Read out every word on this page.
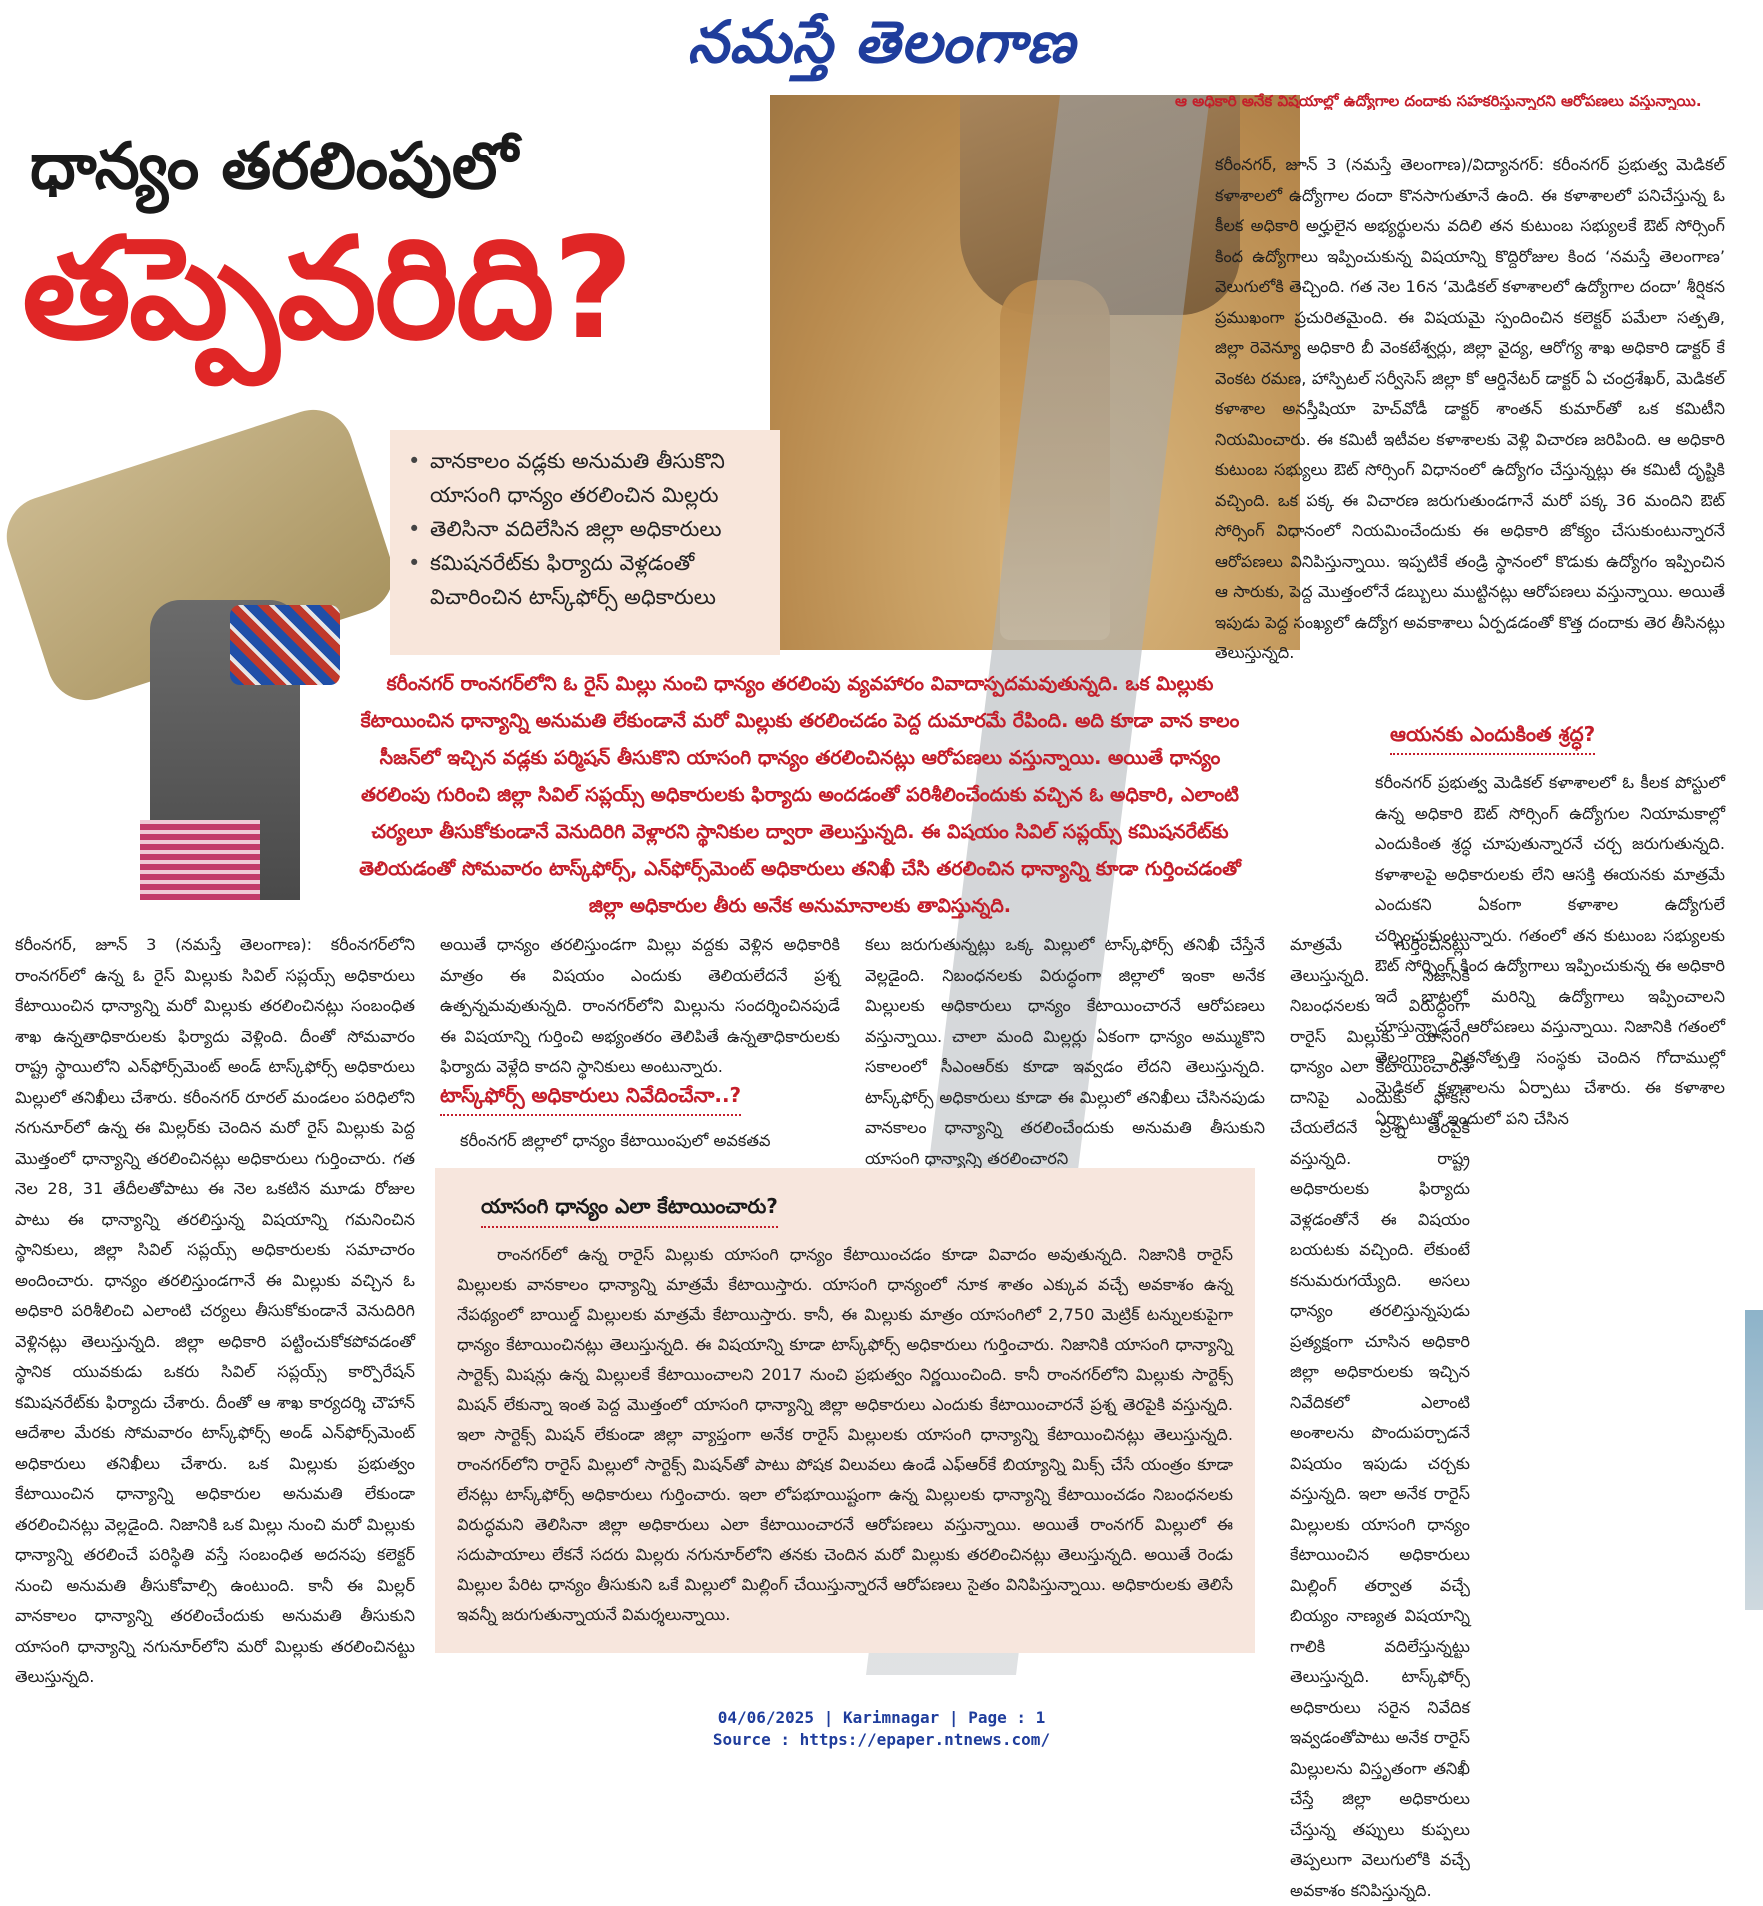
నమస్తే తెలంగాణ
ధాన్యం తరలింపులో
తప్పెవరిది?
• వానకాలం వడ్లకు అనుమతి తీసుకొని యాసంగి ధాన్యం తరలించిన మిల్లరు
• తెలిసినా వదిలేసిన జిల్లా అధికారులు
• కమిషనరేట్‌కు ఫిర్యాదు వెళ్లడంతో విచారించిన టాస్క్‌ఫోర్స్ అధికారులు
కరీంనగర్ రాంనగర్‌లోని ఓ రైస్ మిల్లు నుంచి ధాన్యం తరలింపు వ్యవహారం వివాదాస్పదమవుతున్నది. ఒక మిల్లుకు కేటాయించిన ధాన్యాన్ని అనుమతి లేకుండానే మరో మిల్లుకు తరలించడం పెద్ద దుమారమే రేపింది. అది కూడా వాన కాలం సీజన్‌లో ఇచ్చిన వడ్లకు పర్మిషన్ తీసుకొని యాసంగి ధాన్యం తరలించినట్లు ఆరోపణలు వస్తున్నాయి. అయితే ధాన్యం తరలింపు గురించి జిల్లా సివిల్ సప్లయ్స్ అధికారులకు ఫిర్యాదు అందడంతో పరిశీలించేందుకు వచ్చిన ఓ అధికారి, ఎలాంటి చర్యలూ తీసుకోకుండానే వెనుదిరిగి వెళ్లారని స్థానికుల ద్వారా తెలుస్తున్నది. ఈ విషయం సివిల్ సప్లయ్స్ కమిషనరేట్‌కు తెలియడంతో సోమవారం టాస్క్‌ఫోర్స్, ఎన్‌ఫోర్స్‌మెంట్ అధికారులు తనిఖీ చేసి తరలించిన ధాన్యాన్ని కూడా గుర్తించడంతో జిల్లా అధికారుల తీరు అనేక అనుమానాలకు తావిస్తున్నది.
ఆ అధికారి అనేక విషయాల్లో ఉద్యోగాల దందాకు సహకరిస్తున్నారని ఆరోపణలు వస్తున్నాయి.
కరీంనగర్, జూన్ 3 (నమస్తే తెలంగాణ)/విద్యానగర్: కరీంనగర్ ప్రభుత్వ మెడికల్ కళాశాలలో ఉద్యోగాల దందా కొనసాగుతూనే ఉంది. ఈ కళాశాలలో పనిచేస్తున్న ఓ కీలక అధికారి అర్హులైన అభ్యర్థులను వదిలి తన కుటుంబ సభ్యులకే ఔట్ సోర్సింగ్ కింద ఉద్యోగాలు ఇప్పించుకున్న విషయాన్ని కొద్దిరోజుల కింద ‘నమస్తే తెలంగాణ’ వెలుగులోకి తెచ్చింది. గత నెల 16న ‘మెడికల్ కళాశాలలో ఉద్యోగాల దందా’ శీర్షికన ప్రముఖంగా ప్రచురితమైంది. ఈ విషయమై స్పందించిన కలెక్టర్ పమేలా సత్పతి, జిల్లా రెవెన్యూ అధికారి బీ వెంకటేశ్వర్లు, జిల్లా వైద్య, ఆరోగ్య శాఖ అధికారి డాక్టర్ కే వెంకట రమణ, హాస్పిటల్ సర్వీసెస్ జిల్లా కో ఆర్డినేటర్ డాక్టర్ ఏ చంద్రశేఖర్, మెడికల్ కళాశాల అనస్తీషియా హెచ్‌వోడీ డాక్టర్ శాంతన్ కుమార్‌తో ఒక కమిటీని నియమించారు. ఈ కమిటీ ఇటీవల కళాశాలకు వెళ్లి విచారణ జరిపింది. ఆ అధికారి కుటుంబ సభ్యులు ఔట్ సోర్సింగ్ విధానంలో ఉద్యోగం చేస్తున్నట్లు ఈ కమిటీ దృష్టికి వచ్చింది. ఒక పక్క ఈ విచారణ జరుగుతుండగానే మరో పక్క 36 మందిని ఔట్ సోర్సింగ్ విధానంలో నియమించేందుకు ఈ అధికారి జోక్యం చేసుకుంటున్నారనే ఆరోపణలు వినిపిస్తున్నాయి. ఇప్పటికే తండ్రి స్థానంలో కొడుకు ఉద్యోగం ఇప్పించిన ఆ సారుకు, పెద్ద మొత్తంలోనే డబ్బులు ముట్టినట్లు ఆరోపణలు వస్తున్నాయి. అయితే ఇపుడు పెద్ద సంఖ్యలో ఉద్యోగ అవకాశాలు ఏర్పడడంతో కొత్త దందాకు తెర తీసినట్లు తెలుస్తున్నది.
ఆయనకు ఎందుకింత శ్రద్ధ?
కరీంనగర్ ప్రభుత్వ మెడికల్ కళాశాలలో ఓ కీలక పోస్టులో ఉన్న అధికారి ఔట్ సోర్సింగ్ ఉద్యోగుల నియామకాల్లో ఎందుకింత శ్రద్ధ చూపుతున్నారనే చర్చ జరుగుతున్నది. కళాశాలపై అధికారులకు లేని ఆసక్తి ఈయనకు మాత్రమే ఎందుకని ఏకంగా కళాశాల ఉద్యోగులే చర్చించుకుంటున్నారు. గతంలో తన కుటుంబ సభ్యులకు ఔట్ సోర్సింగ్ కింద ఉద్యోగాలు ఇప్పించుకున్న ఈ అధికారి ఇదే బాటలో మరిన్ని ఉద్యోగాలు ఇప్పించాలని చూస్తున్నాడనే ఆరోపణలు వస్తున్నాయి. నిజానికి గతంలో తెలంగాణ విత్తనోత్పత్తి సంస్థకు చెందిన గోదాముల్లో మెడికల్ కళాశాలను ఏర్పాటు చేశారు. ఈ కళాశాల ఏర్పాటుతో ఇందులో పని చేసిన
కరీంనగర్, జూన్ 3 (నమస్తే తెలంగాణ): కరీంనగర్‌లోని రాంనగర్‌లో ఉన్న ఓ రైస్ మిల్లుకు సివిల్ సప్లయ్స్ అధికారులు కేటాయించిన ధాన్యాన్ని మరో మిల్లుకు తరలించినట్లు సంబంధిత శాఖ ఉన్నతాధికారులకు ఫిర్యాదు వెళ్లింది. దీంతో సోమవారం రాష్ట్ర స్థాయిలోని ఎన్‌ఫోర్స్‌మెంట్ అండ్ టాస్క్‌ఫోర్స్ అధికారులు మిల్లులో తనిఖీలు చేశారు. కరీంనగర్ రూరల్ మండలం పరిధిలోని నగునూర్‌లో ఉన్న ఈ మిల్లర్‌కు చెందిన మరో రైస్ మిల్లుకు పెద్ద మొత్తంలో ధాన్యాన్ని తరలించినట్లు అధికారులు గుర్తించారు. గత నెల 28, 31 తేదీలతోపాటు ఈ నెల ఒకటిన మూడు రోజుల పాటు ఈ ధాన్యాన్ని తరలిస్తున్న విషయాన్ని గమనించిన స్థానికులు, జిల్లా సివిల్ సప్లయ్స్ అధికారులకు సమాచారం అందించారు. ధాన్యం తరలిస్తుండగానే ఈ మిల్లుకు వచ్చిన ఓ అధికారి పరిశీలించి ఎలాంటి చర్యలు తీసుకోకుండానే వెనుదిరిగి వెళ్లినట్లు తెలుస్తున్నది. జిల్లా అధికారి పట్టించుకోకపోవడంతో స్థానిక యువకుడు ఒకరు సివిల్ సప్లయ్స్ కార్పొరేషన్ కమిషనరేట్‌కు ఫిర్యాదు చేశారు. దీంతో ఆ శాఖ కార్యదర్శి చౌహాన్ ఆదేశాల మేరకు సోమవారం టాస్క్‌ఫోర్స్ అండ్ ఎన్‌ఫోర్స్‌మెంట్ అధికారులు తనిఖీలు చేశారు. ఒక మిల్లుకు ప్రభుత్వం కేటాయించిన ధాన్యాన్ని అధికారుల అనుమతి లేకుండా తరలించినట్లు వెల్లడైంది. నిజానికి ఒక మిల్లు నుంచి మరో మిల్లుకు ధాన్యాన్ని తరలించే పరిస్థితి వస్తే సంబంధిత అదనపు కలెక్టర్ నుంచి అనుమతి తీసుకోవాల్సి ఉంటుంది. కానీ ఈ మిల్లర్ వానకాలం ధాన్యాన్ని తరలించేందుకు అనుమతి తీసుకుని యాసంగి ధాన్యాన్ని నగునూర్‌లోని మరో మిల్లుకు తరలించినట్టు తెలుస్తున్నది.
అయితే ధాన్యం తరలిస్తుండగా మిల్లు వద్దకు వెళ్లిన అధికారికి మాత్రం ఈ విషయం ఎందుకు తెలియలేదనే ప్రశ్న ఉత్పన్నమవుతున్నది. రాంనగర్‌లోని మిల్లును సందర్శించినపుడే ఈ విషయాన్ని గుర్తించి అభ్యంతరం తెలిపితే ఉన్నతాధికారులకు ఫిర్యాదు వెళ్లేది కాదని స్థానికులు అంటున్నారు.
టాస్క్‌ఫోర్స్ అధికారులు నివేదించేనా..?
కరీంనగర్ జిల్లాలో ధాన్యం కేటాయింపులో అవకతవ
కలు జరుగుతున్నట్లు ఒక్క మిల్లులో టాస్క్‌ఫోర్స్ తనిఖీ చేస్తేనే వెల్లడైంది. నిబంధనలకు విరుద్ధంగా జిల్లాలో ఇంకా అనేక మిల్లులకు అధికారులు ధాన్యం కేటాయించారనే ఆరోపణలు వస్తున్నాయి. చాలా మంది మిల్లర్లు ఏకంగా ధాన్యం అమ్ముకొని సకాలంలో సీఎంఆర్‌కు కూడా ఇవ్వడం లేదని తెలుస్తున్నది. టాస్క్‌ఫోర్స్ అధికారులు కూడా ఈ మిల్లులో తనిఖీలు చేసినపుడు వానకాలం ధాన్యాన్ని తరలించేందుకు అనుమతి తీసుకుని యాసంగి ధాన్యాన్ని తరలించారని
మాత్రమే గుర్తించినట్లు తెలుస్తున్నది. నిజానికి నిబంధనలకు విరుద్ధంగా రారైస్ మిల్లుకు యాసంగి ధాన్యం ఎలా కేటాయించారనే దానిపై ఎందుకు ఫోకస్ చేయలేదనే ప్రశ్న తెరపైకి వస్తున్నది. రాష్ట్ర అధికారులకు ఫిర్యాదు వెళ్లడంతోనే ఈ విషయం బయటకు వచ్చింది. లేకుంటే కనుమరుగయ్యేది. అసలు ధాన్యం తరలిస్తున్నపుడు ప్రత్యక్షంగా చూసిన అధికారి జిల్లా అధికారులకు ఇచ్చిన నివేదికలో ఎలాంటి అంశాలను పొందుపర్చాడనే విషయం ఇపుడు చర్చకు వస్తున్నది. ఇలా అనేక రారైస్ మిల్లులకు యాసంగి ధాన్యం కేటాయించిన అధికారులు మిల్లింగ్ తర్వాత వచ్చే బియ్యం నాణ్యత విషయాన్ని గాలికి వదిలేస్తున్నట్టు తెలుస్తున్నది. టాస్క్‌ఫోర్స్ అధికారులు సరైన నివేదిక ఇవ్వడంతోపాటు అనేక రారైస్ మిల్లులను విస్తృతంగా తనిఖీ చేస్తే జిల్లా అధికారులు చేస్తున్న తప్పులు కుప్పలు తెప్పలుగా వెలుగులోకి వచ్చే అవకాశం కనిపిస్తున్నది.
యాసంగి ధాన్యం ఎలా కేటాయించారు?
రాంనగర్‌లో ఉన్న రారైస్ మిల్లుకు యాసంగి ధాన్యం కేటాయించడం కూడా వివాదం అవుతున్నది. నిజానికి రారైస్ మిల్లులకు వానకాలం ధాన్యాన్ని మాత్రమే కేటాయిస్తారు. యాసంగి ధాన్యంలో నూక శాతం ఎక్కువ వచ్చే అవకాశం ఉన్న నేపథ్యంలో బాయిల్డ్ మిల్లులకు మాత్రమే కేటాయిస్తారు. కానీ, ఈ మిల్లుకు మాత్రం యాసంగిలో 2,750 మెట్రిక్ టన్నులకుపైగా ధాన్యం కేటాయించినట్లు తెలుస్తున్నది. ఈ విషయాన్ని కూడా టాస్క్‌ఫోర్స్ అధికారులు గుర్తించారు. నిజానికి యాసంగి ధాన్యాన్ని సార్టెక్స్ మిషన్లు ఉన్న మిల్లులకే కేటాయించాలని 2017 నుంచి ప్రభుత్వం నిర్ణయించింది. కానీ రాంనగర్‌లోని మిల్లుకు సార్టెక్స్ మిషన్ లేకున్నా ఇంత పెద్ద మొత్తంలో యాసంగి ధాన్యాన్ని జిల్లా అధికారులు ఎందుకు కేటాయించారనే ప్రశ్న తెరపైకి వస్తున్నది. ఇలా సార్టెక్స్ మిషన్ లేకుండా జిల్లా వ్యాప్తంగా అనేక రారైస్ మిల్లులకు యాసంగి ధాన్యాన్ని కేటాయించినట్లు తెలుస్తున్నది. రాంనగర్‌లోని రారైస్ మిల్లులో సార్టెక్స్ మిషన్‌తో పాటు పోషక విలువలు ఉండే ఎఫ్‌ఆర్‌కే బియ్యాన్ని మిక్స్ చేసే యంత్రం కూడా లేనట్లు టాస్క్‌ఫోర్స్ అధికారులు గుర్తించారు. ఇలా లోపభూయిష్టంగా ఉన్న మిల్లులకు ధాన్యాన్ని కేటాయించడం నిబంధనలకు విరుద్ధమని తెలిసినా జిల్లా అధికారులు ఎలా కేటాయించారనే ఆరోపణలు వస్తున్నాయి. అయితే రాంనగర్ మిల్లులో ఈ సదుపాయాలు లేకనే సదరు మిల్లరు నగునూర్‌లోని తనకు చెందిన మరో మిల్లుకు తరలించినట్లు తెలుస్తున్నది. అయితే రెండు మిల్లుల పేరిట ధాన్యం తీసుకుని ఒకే మిల్లులో మిల్లింగ్ చేయిస్తున్నారనే ఆరోపణలు సైతం వినిపిస్తున్నాయి. అధికారులకు తెలిసే ఇవన్నీ జరుగుతున్నాయనే విమర్శలున్నాయి.
04/06/2025 | Karimnagar | Page : 1
Source : https://epaper.ntnews.com/
